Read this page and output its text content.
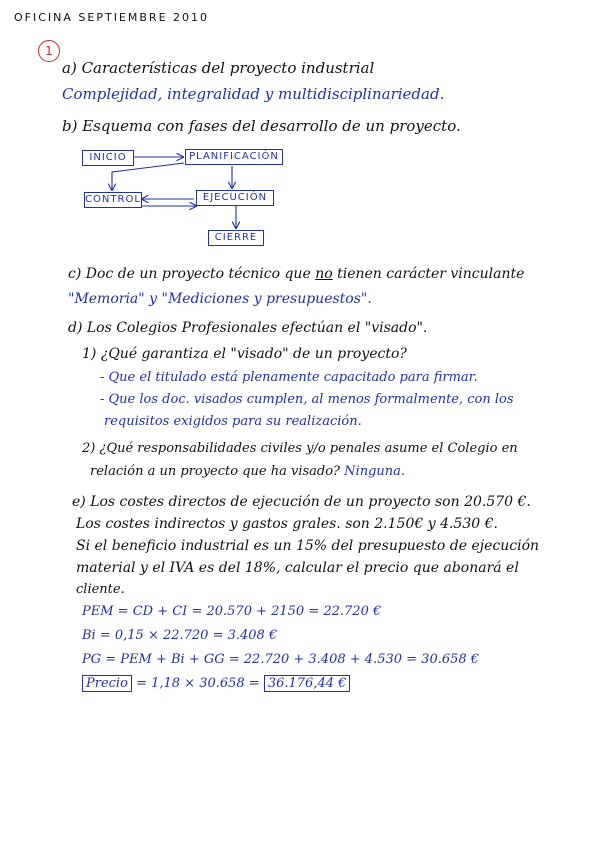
OFICINA SEPTIEMBRE 2010
1
a) Características del proyecto industrial
Complejidad, integralidad y multidisciplinariedad.
b) Esquema con fases del desarrollo de un proyecto.
INICIO	PLANIFICACIÓN
CONTROL	EJECUCIÓN
CIERRE
c) Doc de un proyecto técnico que no tienen carácter vinculante
"Memoria" y "Mediciones y presupuestos".
d) Los Colegios Profesionales efectúan el "visado".
1) ¿Qué garantiza el "visado" de un proyecto?
- Que el titulado está plenamente capacitado para firmar.
- Que los doc. visados cumplen, al menos formalmente, con los
requisitos exigidos para su realización.
2) ¿Qué responsabilidades civiles y/o penales asume el Colegio en
relación a un proyecto que ha visado? Ninguna.
e) Los costes directos de ejecución de un proyecto son 20.570 €.
Los costes indirectos y gastos grales. son 2.150€ y 4.530 €.
Si el beneficio industrial es un 15% del presupuesto de ejecución
material y el IVA es del 18%, calcular el precio que abonará el
cliente.
PEM = CD + CI = 20.570 + 2150 = 22.720 €
Bi = 0,15 × 22.720 = 3.408 €
PG = PEM + Bi + GG = 22.720 + 3.408 + 4.530 = 30.658 €
Precio = 1,18 × 30.658 = 36.176,44 €
